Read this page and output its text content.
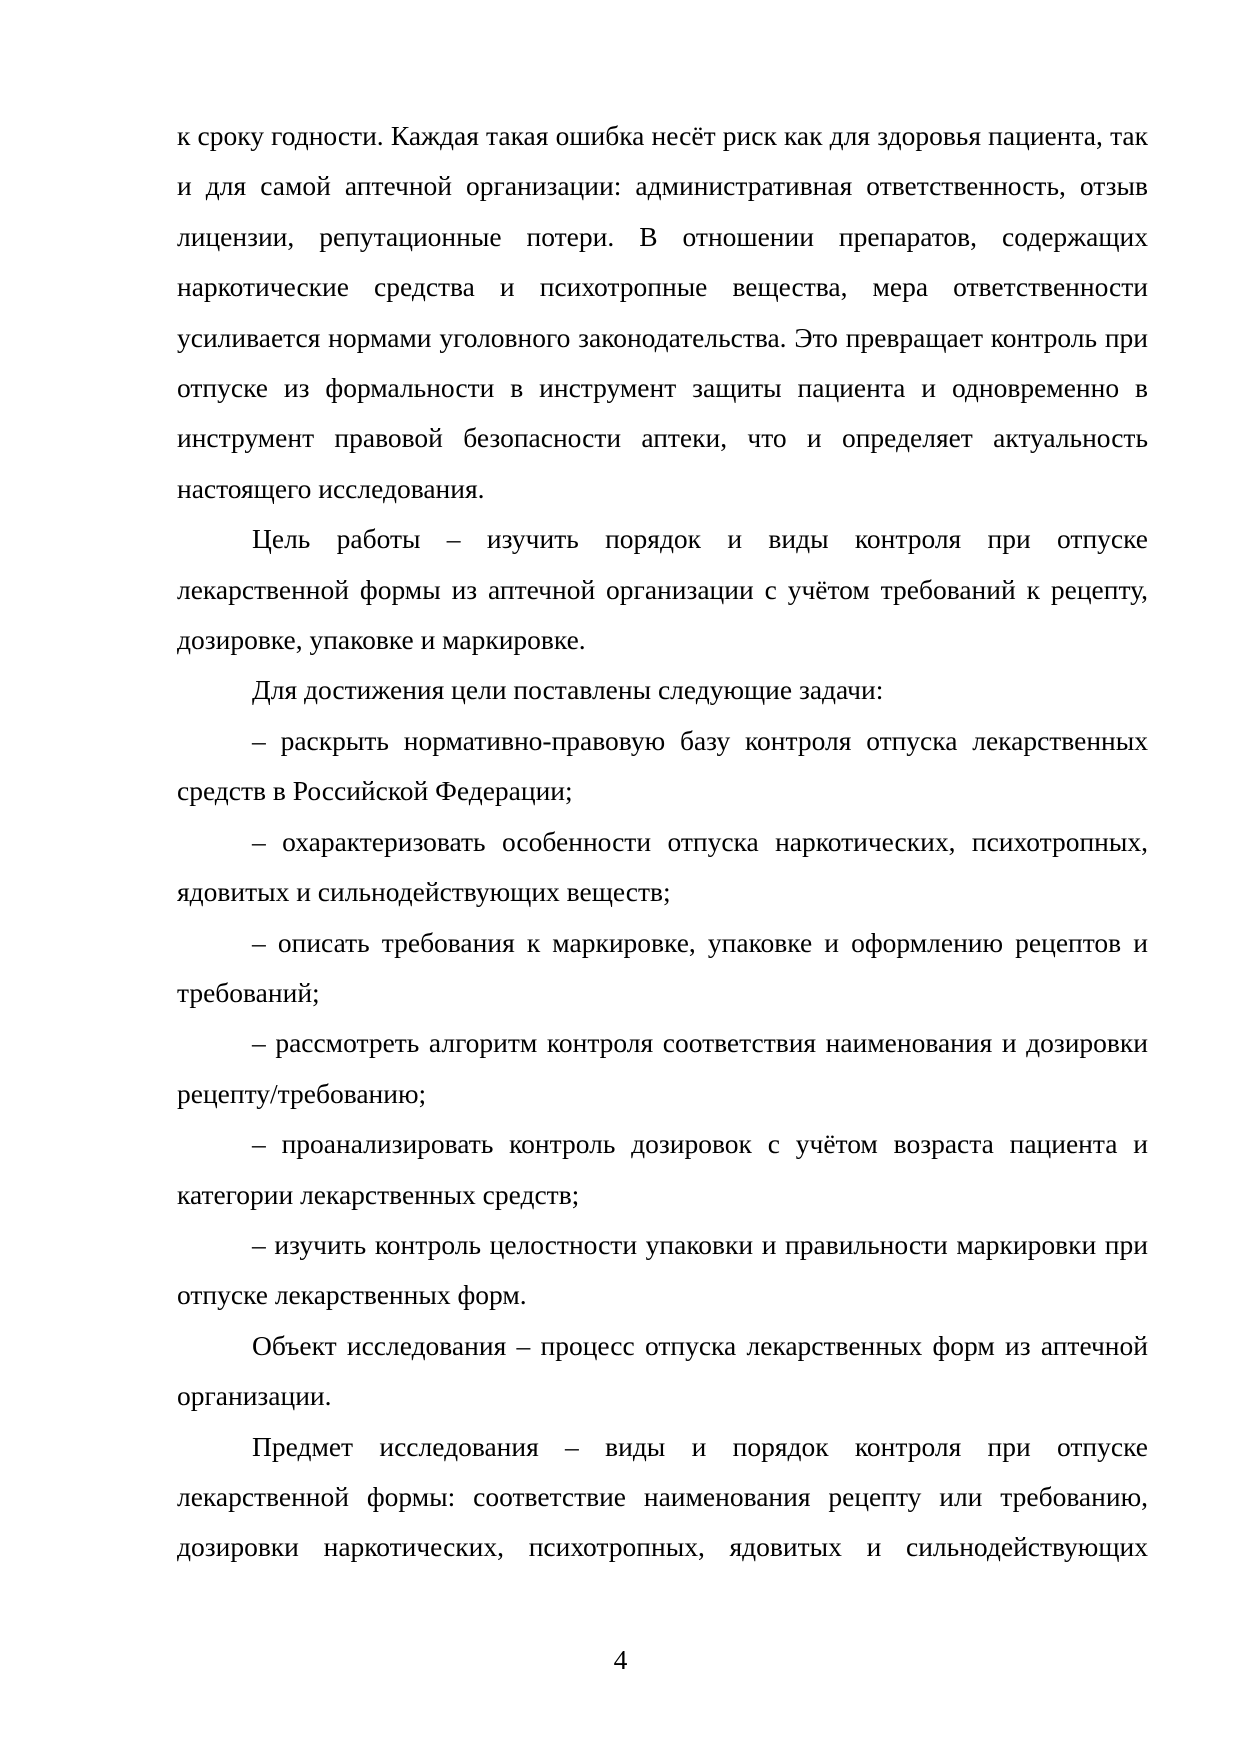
к сроку годности. Каждая такая ошибка несёт риск как для здоровья пациента, так и для самой аптечной организации: административная ответственность, отзыв лицензии, репутационные потери. В отношении препаратов, содержащих наркотические средства и психотропные вещества, мера ответственности усиливается нормами уголовного законодательства. Это превращает контроль при отпуске из формальности в инструмент защиты пациента и одновременно в инструмент правовой безопасности аптеки, что и определяет актуальность настоящего исследования.

Цель работы – изучить порядок и виды контроля при отпуске лекарственной формы из аптечной организации с учётом требований к рецепту, дозировке, упаковке и маркировке.

Для достижения цели поставлены следующие задачи:

– раскрыть нормативно-правовую базу контроля отпуска лекарственных средств в Российской Федерации;

– охарактеризовать особенности отпуска наркотических, психотропных, ядовитых и сильнодействующих веществ;

– описать требования к маркировке, упаковке и оформлению рецептов и требований;

– рассмотреть алгоритм контроля соответствия наименования и дозировки рецепту/требованию;

– проанализировать контроль дозировок с учётом возраста пациента и категории лекарственных средств;

– изучить контроль целостности упаковки и правильности маркировки при отпуске лекарственных форм.

Объект исследования – процесс отпуска лекарственных форм из аптечной организации.

Предмет исследования – виды и порядок контроля при отпуске лекарственной формы: соответствие наименования рецепту или требованию, дозировки наркотических, психотропных, ядовитых и сильнодействующих

4
